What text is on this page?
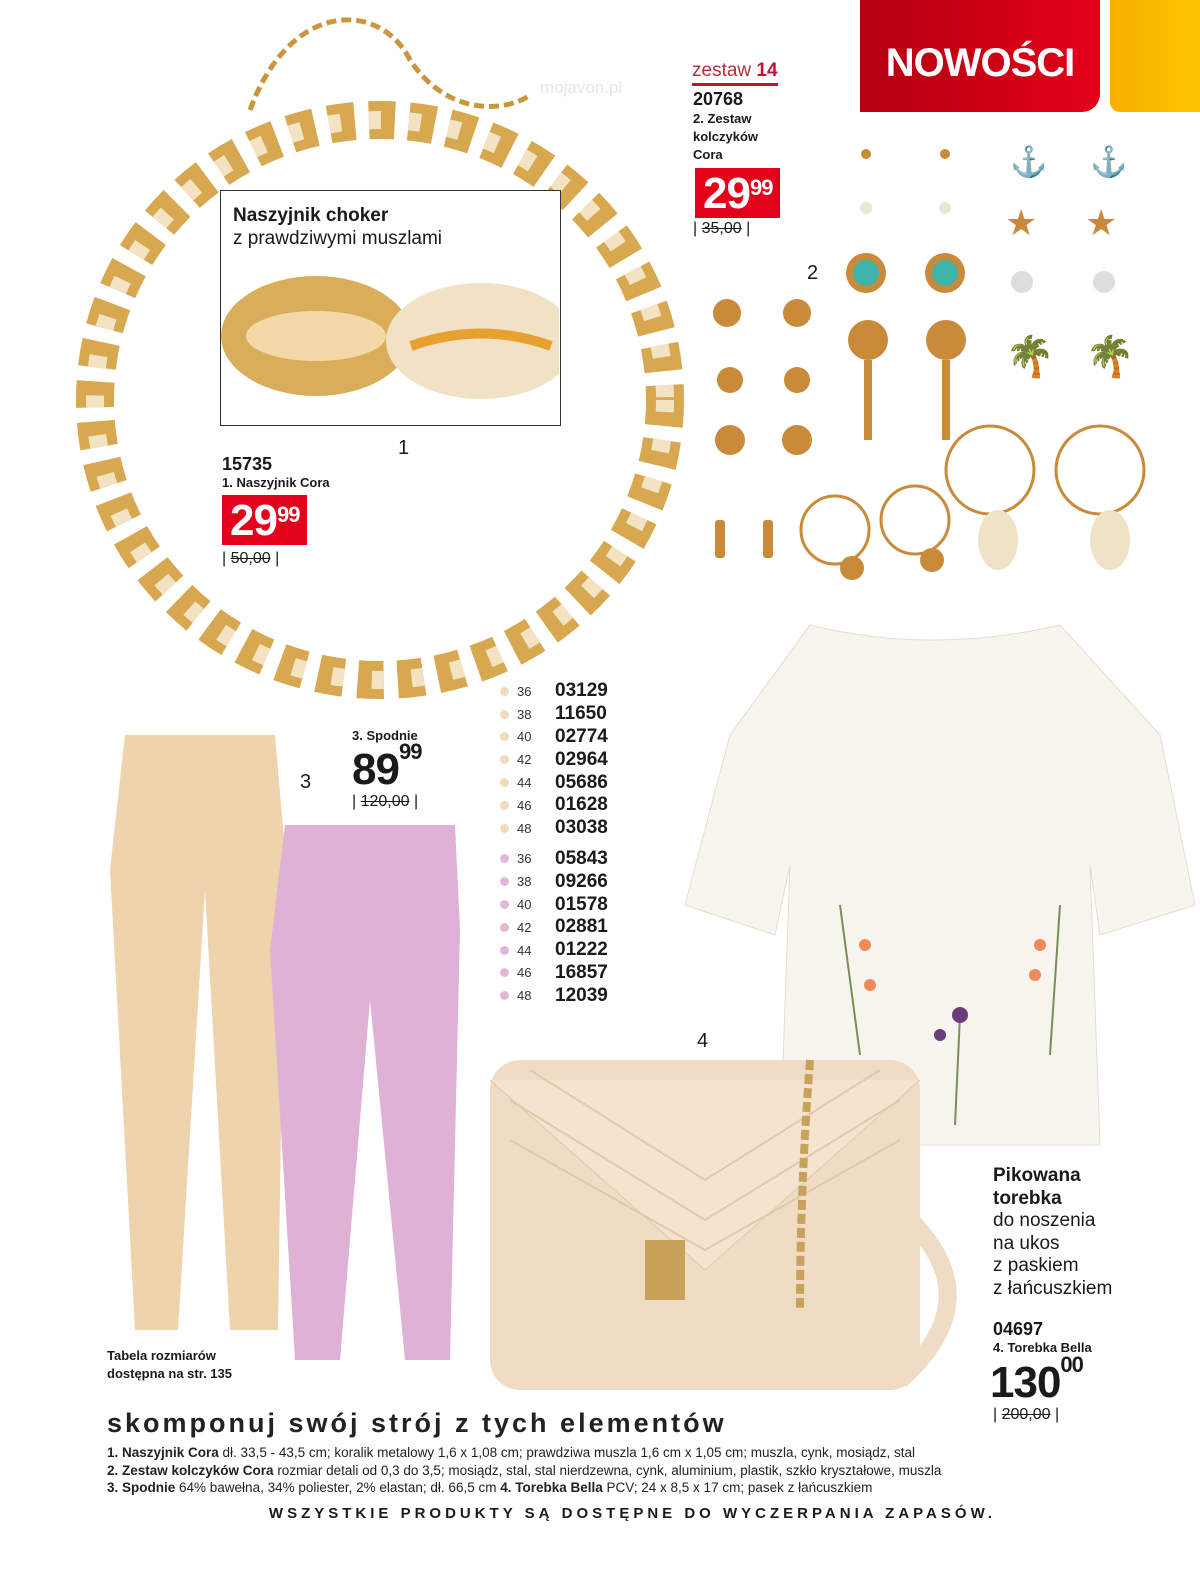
NOWOŚCI
mojavon.pl
Naszyjnik choker
z prawdziwymi muszlami
1
15735
1. Naszyjnik Cora
$29^{99}$
| 50,00 |
zestaw 14
20768
2. Zestaw
kolczyków
Cora
$29^{99}$
| 35,00 |
2
⚓ ⚓
★ ★
🌴 🌴
3
3. Spodnie
$89^{99}$
| 120,00 |
36	03129
38	11650
40	02774
42	02964
44	05686
46	01628
48	03038
36	05843
38	09266
40	01578
42	02881
44	01222
46	16857
48	12039
Tabela rozmiarów
dostępna na str. 135
4
Pikowana
torebka
do noszenia
na ukos
z paskiem
z łańcuszkiem
04697
4. Torebka Bella
$130^{00}$
| 200,00 |
skomponuj swój strój z tych elementów
1. Naszyjnik Cora dł. 33,5 - 43,5 cm; koralik metalowy 1,6 x 1,08 cm; prawdziwa muszla 1,6 cm x 1,05 cm; muszla, cynk, mosiądz, stal
2. Zestaw kolczyków Cora rozmiar detali od 0,3 do 3,5; mosiądz, stal, stal nierdzewna, cynk, aluminium, plastik, szkło kryształowe, muszla
3. Spodnie 64% bawełna, 34% poliester, 2% elastan; dł. 66,5 cm 4. Torebka Bella PCV; 24 x 8,5 x 17 cm; pasek z łańcuszkiem
WSZYSTKIE PRODUKTY SĄ DOSTĘPNE DO WYCZERPANIA ZAPASÓW.
